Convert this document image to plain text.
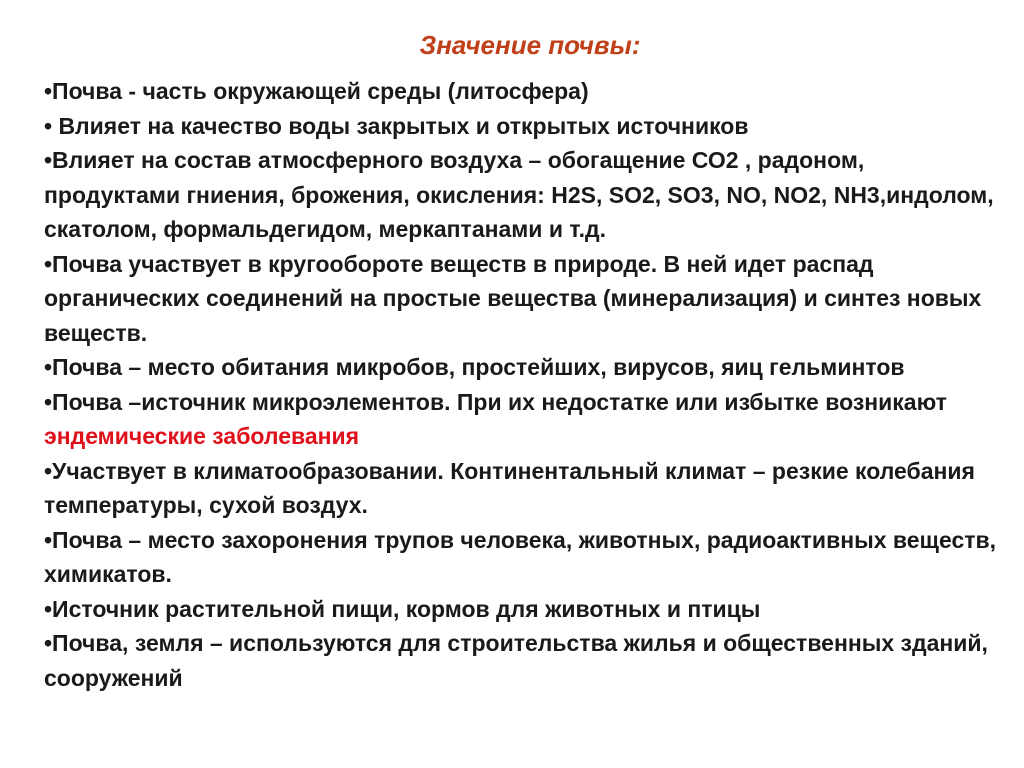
Значение почвы:
•Почва - часть окружающей среды (литосфера)
• Влияет на качество воды закрытых и открытых источников
•Влияет на состав атмосферного воздуха – обогащение СО2 , радоном, продуктами гниения, брожения, окисления: H2S, SO2, SO3, NO, NO2, NH3,индолом, скатолом, формальдегидом, меркаптанами и т.д.
•Почва участвует в кругообороте веществ в природе. В ней идет распад органических соединений на простые вещества (минерализация) и синтез новых веществ.
•Почва – место обитания микробов, простейших, вирусов, яиц гельминтов
•Почва –источник микроэлементов. При их недостатке или избытке возникают эндемические заболевания
•Участвует в климатообразовании. Континентальный климат – резкие колебания температуры, сухой воздух.
•Почва – место захоронения трупов человека, животных, радиоактивных веществ, химикатов.
•Источник растительной пищи, кормов для животных и птицы
•Почва, земля – используются для строительства жилья и общественных зданий, сооружений
